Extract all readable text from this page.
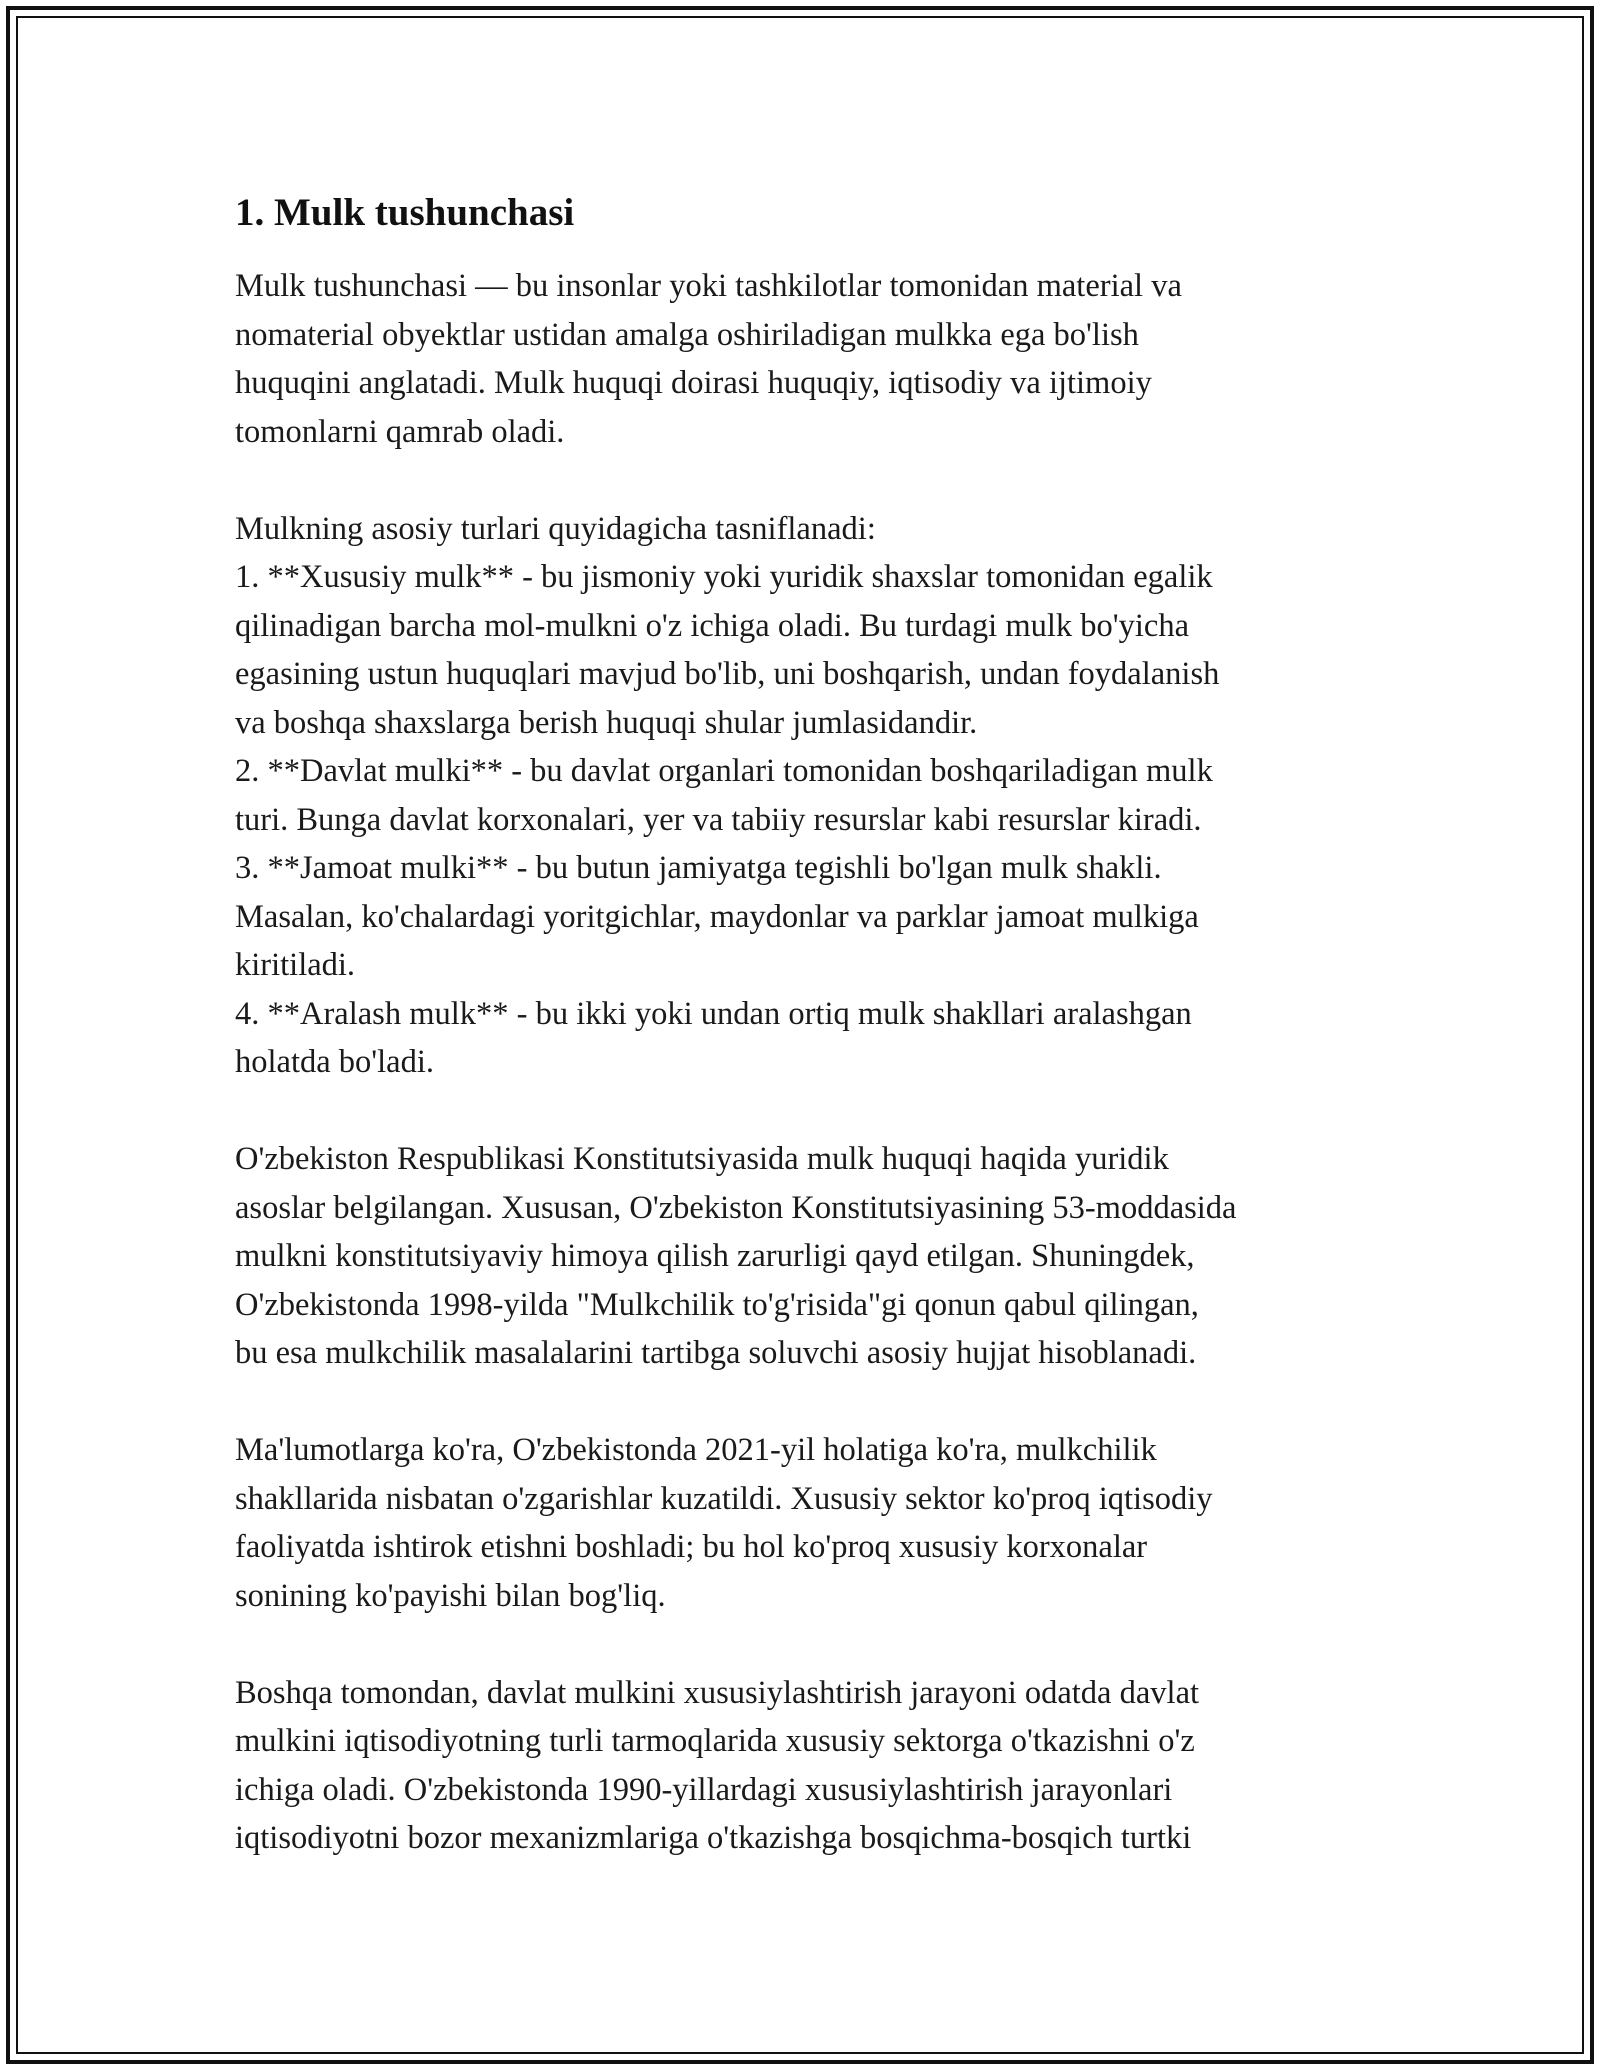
1. Mulk tushunchasi

Mulk tushunchasi — bu insonlar yoki tashkilotlar tomonidan material va
nomaterial obyektlar ustidan amalga oshiriladigan mulkka ega bo'lish
huquqini anglatadi. Mulk huquqi doirasi huquqiy, iqtisodiy va ijtimoiy
tomonlarni qamrab oladi.

Mulkning asosiy turlari quyidagicha tasniflanadi:
1. **Xususiy mulk** - bu jismoniy yoki yuridik shaxslar tomonidan egalik
qilinadigan barcha mol-mulkni o'z ichiga oladi. Bu turdagi mulk bo'yicha
egasining ustun huquqlari mavjud bo'lib, uni boshqarish, undan foydalanish
va boshqa shaxslarga berish huquqi shular jumlasidandir.
2. **Davlat mulki** - bu davlat organlari tomonidan boshqariladigan mulk
turi. Bunga davlat korxonalari, yer va tabiiy resurslar kabi resurslar kiradi.
3. **Jamoat mulki** - bu butun jamiyatga tegishli bo'lgan mulk shakli.
Masalan, ko'chalardagi yoritgichlar, maydonlar va parklar jamoat mulkiga
kiritiladi.
4. **Aralash mulk** - bu ikki yoki undan ortiq mulk shakllari aralashgan
holatda bo'ladi.

O'zbekiston Respublikasi Konstitutsiyasida mulk huquqi haqida yuridik
asoslar belgilangan. Xususan, O'zbekiston Konstitutsiyasining 53-moddasida
mulkni konstitutsiyaviy himoya qilish zarurligi qayd etilgan. Shuningdek,
O'zbekistonda 1998-yilda "Mulkchilik to'g'risida"gi qonun qabul qilingan,
bu esa mulkchilik masalalarini tartibga soluvchi asosiy hujjat hisoblanadi.

Ma'lumotlarga ko'ra, O'zbekistonda 2021-yil holatiga ko'ra, mulkchilik
shakllarida nisbatan o'zgarishlar kuzatildi. Xususiy sektor ko'proq iqtisodiy
faoliyatda ishtirok etishni boshladi; bu hol ko'proq xususiy korxonalar
sonining ko'payishi bilan bog'liq.

Boshqa tomondan, davlat mulkini xususiylashtirish jarayoni odatda davlat
mulkini iqtisodiyotning turli tarmoqlarida xususiy sektorga o'tkazishni o'z
ichiga oladi. O'zbekistonda 1990-yillardagi xususiylashtirish jarayonlari
iqtisodiyotni bozor mexanizmlariga o'tkazishga bosqichma-bosqich turtki
